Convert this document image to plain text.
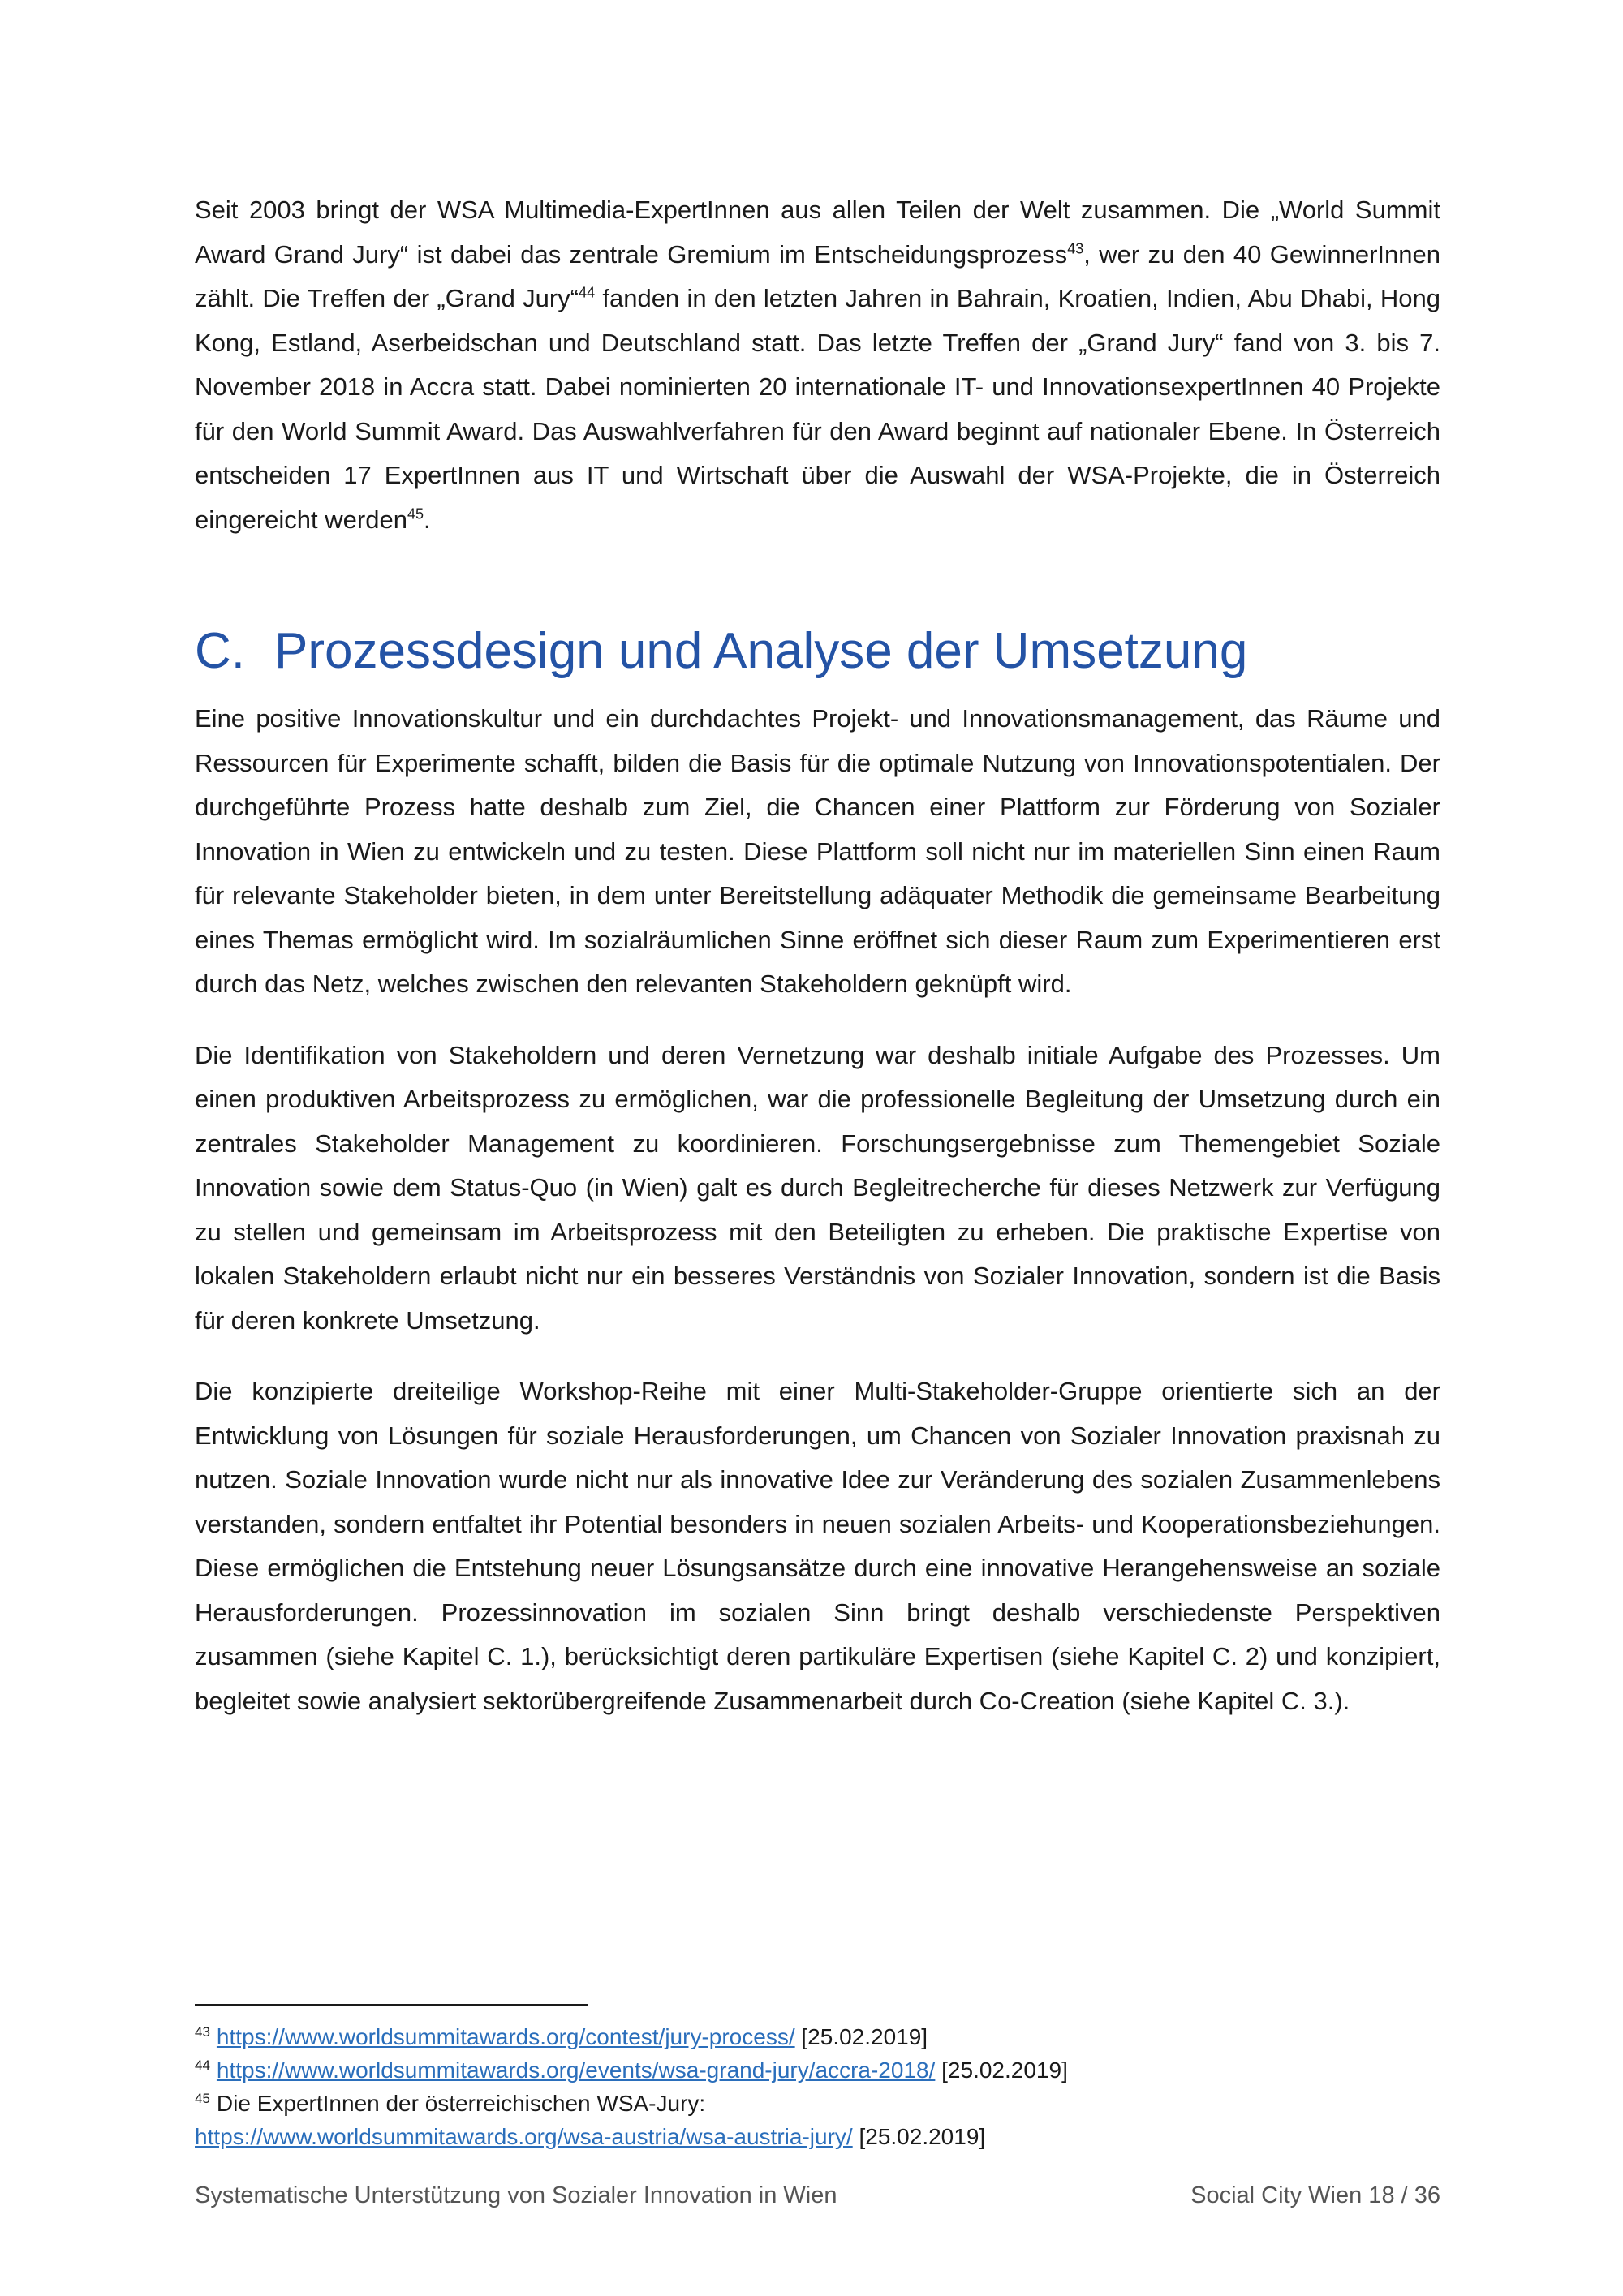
Seit 2003 bringt der WSA Multimedia-ExpertInnen aus allen Teilen der Welt zusammen. Die „World Summit Award Grand Jury“ ist dabei das zentrale Gremium im Entscheidungsprozess$^{43}$, wer zu den 40 GewinnerInnen zählt. Die Treffen der „Grand Jury“$^{44}$ fanden in den letzten Jahren in Bahrain, Kroatien, Indien, Abu Dhabi, Hong Kong, Estland, Aserbeidschan und Deutschland statt. Das letzte Treffen der „Grand Jury“ fand von 3. bis 7. November 2018 in Accra statt. Dabei nominierten 20 internationale IT- und InnovationsexpertInnen 40 Projekte für den World Summit Award. Das Auswahlverfahren für den Award beginnt auf nationaler Ebene. In Österreich entscheiden 17 ExpertInnen aus IT und Wirtschaft über die Auswahl der WSA-Projekte, die in Österreich eingereicht werden$^{45}$.

C. Prozessdesign und Analyse der Umsetzung

Eine positive Innovationskultur und ein durchdachtes Projekt- und Innovationsmanagement, das Räume und Ressourcen für Experimente schafft, bilden die Basis für die optimale Nutzung von Innovationspotentialen. Der durchgeführte Prozess hatte deshalb zum Ziel, die Chancen einer Plattform zur Förderung von Sozialer Innovation in Wien zu entwickeln und zu testen. Diese Plattform soll nicht nur im materiellen Sinn einen Raum für relevante Stakeholder bieten, in dem unter Bereitstellung adäquater Methodik die gemeinsame Bearbeitung eines Themas ermöglicht wird. Im sozialräumlichen Sinne eröffnet sich dieser Raum zum Experimentieren erst durch das Netz, welches zwischen den relevanten Stakeholdern geknüpft wird.

Die Identifikation von Stakeholdern und deren Vernetzung war deshalb initiale Aufgabe des Prozesses. Um einen produktiven Arbeitsprozess zu ermöglichen, war die professionelle Begleitung der Umsetzung durch ein zentrales Stakeholder Management zu koordinieren. Forschungsergebnisse zum Themengebiet Soziale Innovation sowie dem Status-Quo (in Wien) galt es durch Begleitrecherche für dieses Netzwerk zur Verfügung zu stellen und gemeinsam im Arbeitsprozess mit den Beteiligten zu erheben. Die praktische Expertise von lokalen Stakeholdern erlaubt nicht nur ein besseres Verständnis von Sozialer Innovation, sondern ist die Basis für deren konkrete Umsetzung.

Die konzipierte dreiteilige Workshop-Reihe mit einer Multi-Stakeholder-Gruppe orientierte sich an der Entwicklung von Lösungen für soziale Herausforderungen, um Chancen von Sozialer Innovation praxisnah zu nutzen. Soziale Innovation wurde nicht nur als innovative Idee zur Veränderung des sozialen Zusammenlebens verstanden, sondern entfaltet ihr Potential besonders in neuen sozialen Arbeits- und Kooperationsbeziehungen. Diese ermöglichen die Entstehung neuer Lösungsansätze durch eine innovative Herangehensweise an soziale Herausforderungen. Prozessinnovation im sozialen Sinn bringt deshalb verschiedenste Perspektiven zusammen (siehe Kapitel C. 1.), berücksichtigt deren partikuläre Expertisen (siehe Kapitel C. 2) und konzipiert, begleitet sowie analysiert sektorübergreifende Zusammenarbeit durch Co-Creation (siehe Kapitel C. 3.).

$^{43}$ https://www.worldsummitawards.org/contest/jury-process/ [25.02.2019]
$^{44}$ https://www.worldsummitawards.org/events/wsa-grand-jury/accra-2018/ [25.02.2019]
$^{45}$ Die ExpertInnen der österreichischen WSA-Jury:
https://www.worldsummitawards.org/wsa-austria/wsa-austria-jury/ [25.02.2019]
Systematische Unterstützung von Sozialer Innovation in Wien	Social City Wien 18 / 36
